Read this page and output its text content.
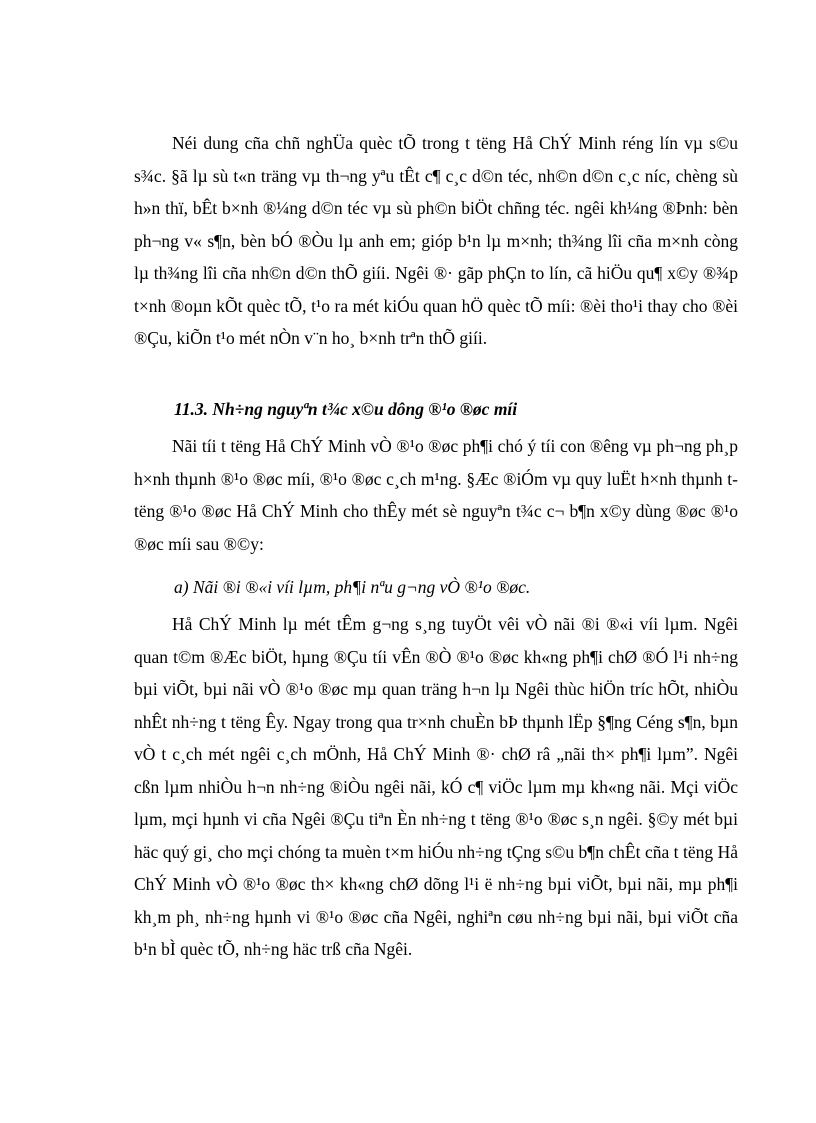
Néi dung cña chñ nghÜa quèc tÕ trong t tëng Hå ChÝ Minh réng lín vµ s©u s¾c. §ã lµ sù t«n träng vµ th¬ng yªu tÊt c¶ c¸c d©n téc, nh©n d©n c¸c níc, chèng sù h»n thï, bÊt b×nh ®¼ng d©n téc vµ sù ph©n biÖt chñng téc. ngêi kh¼ng ®Þnh: bèn ph¬ng v« s¶n, bèn bÓ ®Òu lµ anh em; gióp b¹n lµ m×nh; th¾ng lîi cña m×nh còng lµ th¾ng lîi cña nh©n d©n thÕ giíi. Ngêi ®· gãp phÇn to lín, cã hiÖu qu¶ x©y ®¾p t×nh ®oµn kÕt quèc tÕ, t¹o ra mét kiÓu quan hÖ quèc tÕ míi: ®èi tho¹i thay cho ®èi ®Çu, kiÕn t¹o mét nÒn v¨n ho¸ b×nh trªn thÕ giíi.

11.3. Nh÷ng nguyªn t¾c x©u dông ®¹o ®øc míi

Nãi tíi t tëng Hå ChÝ Minh vÒ ®¹o ®øc ph¶i chó ý tíi con ®êng vµ ph¬ng ph¸p h×nh thµnh ®¹o ®øc míi, ®¹o ®øc c¸ch m¹ng. §Æc ®iÓm vµ quy luËt h×nh thµnh t tëng ®¹o ®øc Hå ChÝ Minh cho thÊy mét sè nguyªn t¾c c¬ b¶n x©y dùng ®øc ®¹o ®øc míi sau ®©y:

a) Nãi ®i ®«i víi lµm, ph¶i nªu g¬ng vÒ ®¹o ®øc.

Hå ChÝ Minh lµ mét tÊm g¬ng s¸ng tuyÖt vêi vÒ nãi ®i ®«i víi lµm. Ngêi quan t©m ®Æc biÖt, hµng ®Çu tíi vÊn ®Ò ®¹o ®øc kh«ng ph¶i chØ ®Ó l¹i nh÷ng bµi viÕt, bµi nãi vÒ ®¹o ®øc mµ quan träng h¬n lµ Ngêi thùc hiÖn tríc hÕt, nhiÒu nhÊt nh÷ng t tëng Êy. Ngay trong qua tr×nh chuÈn bÞ thµnh lËp §¶ng Céng s¶n, bµn vÒ t c¸ch mét ngêi c¸ch mÖnh, Hå ChÝ Minh ®· chØ râ „nãi th× ph¶i lµm”. Ngêi cßn lµm nhiÒu h¬n nh÷ng ®iÒu ngêi nãi, kÓ c¶ viÖc lµm mµ kh«ng nãi. Mçi viÖc lµm, mçi hµnh vi cña Ngêi ®Çu tiªn Èn nh÷ng t tëng ®¹o ®øc s¸n ngêi. §©y mét bµi häc quý gi¸ cho mçi chóng ta muèn t×m hiÓu nh÷ng tÇng s©u b¶n chÊt cña t tëng Hå ChÝ Minh vÒ ®¹o ®øc th× kh«ng chØ dõng l¹i ë nh÷ng bµi viÕt, bµi nãi, mµ ph¶i kh¸m ph¸ nh÷ng hµnh vi ®¹o ®øc cña Ngêi, nghiªn cøu nh÷ng bµi nãi, bµi viÕt cña b¹n bÌ quèc tÕ, nh÷ng häc trß cña Ngêi.
